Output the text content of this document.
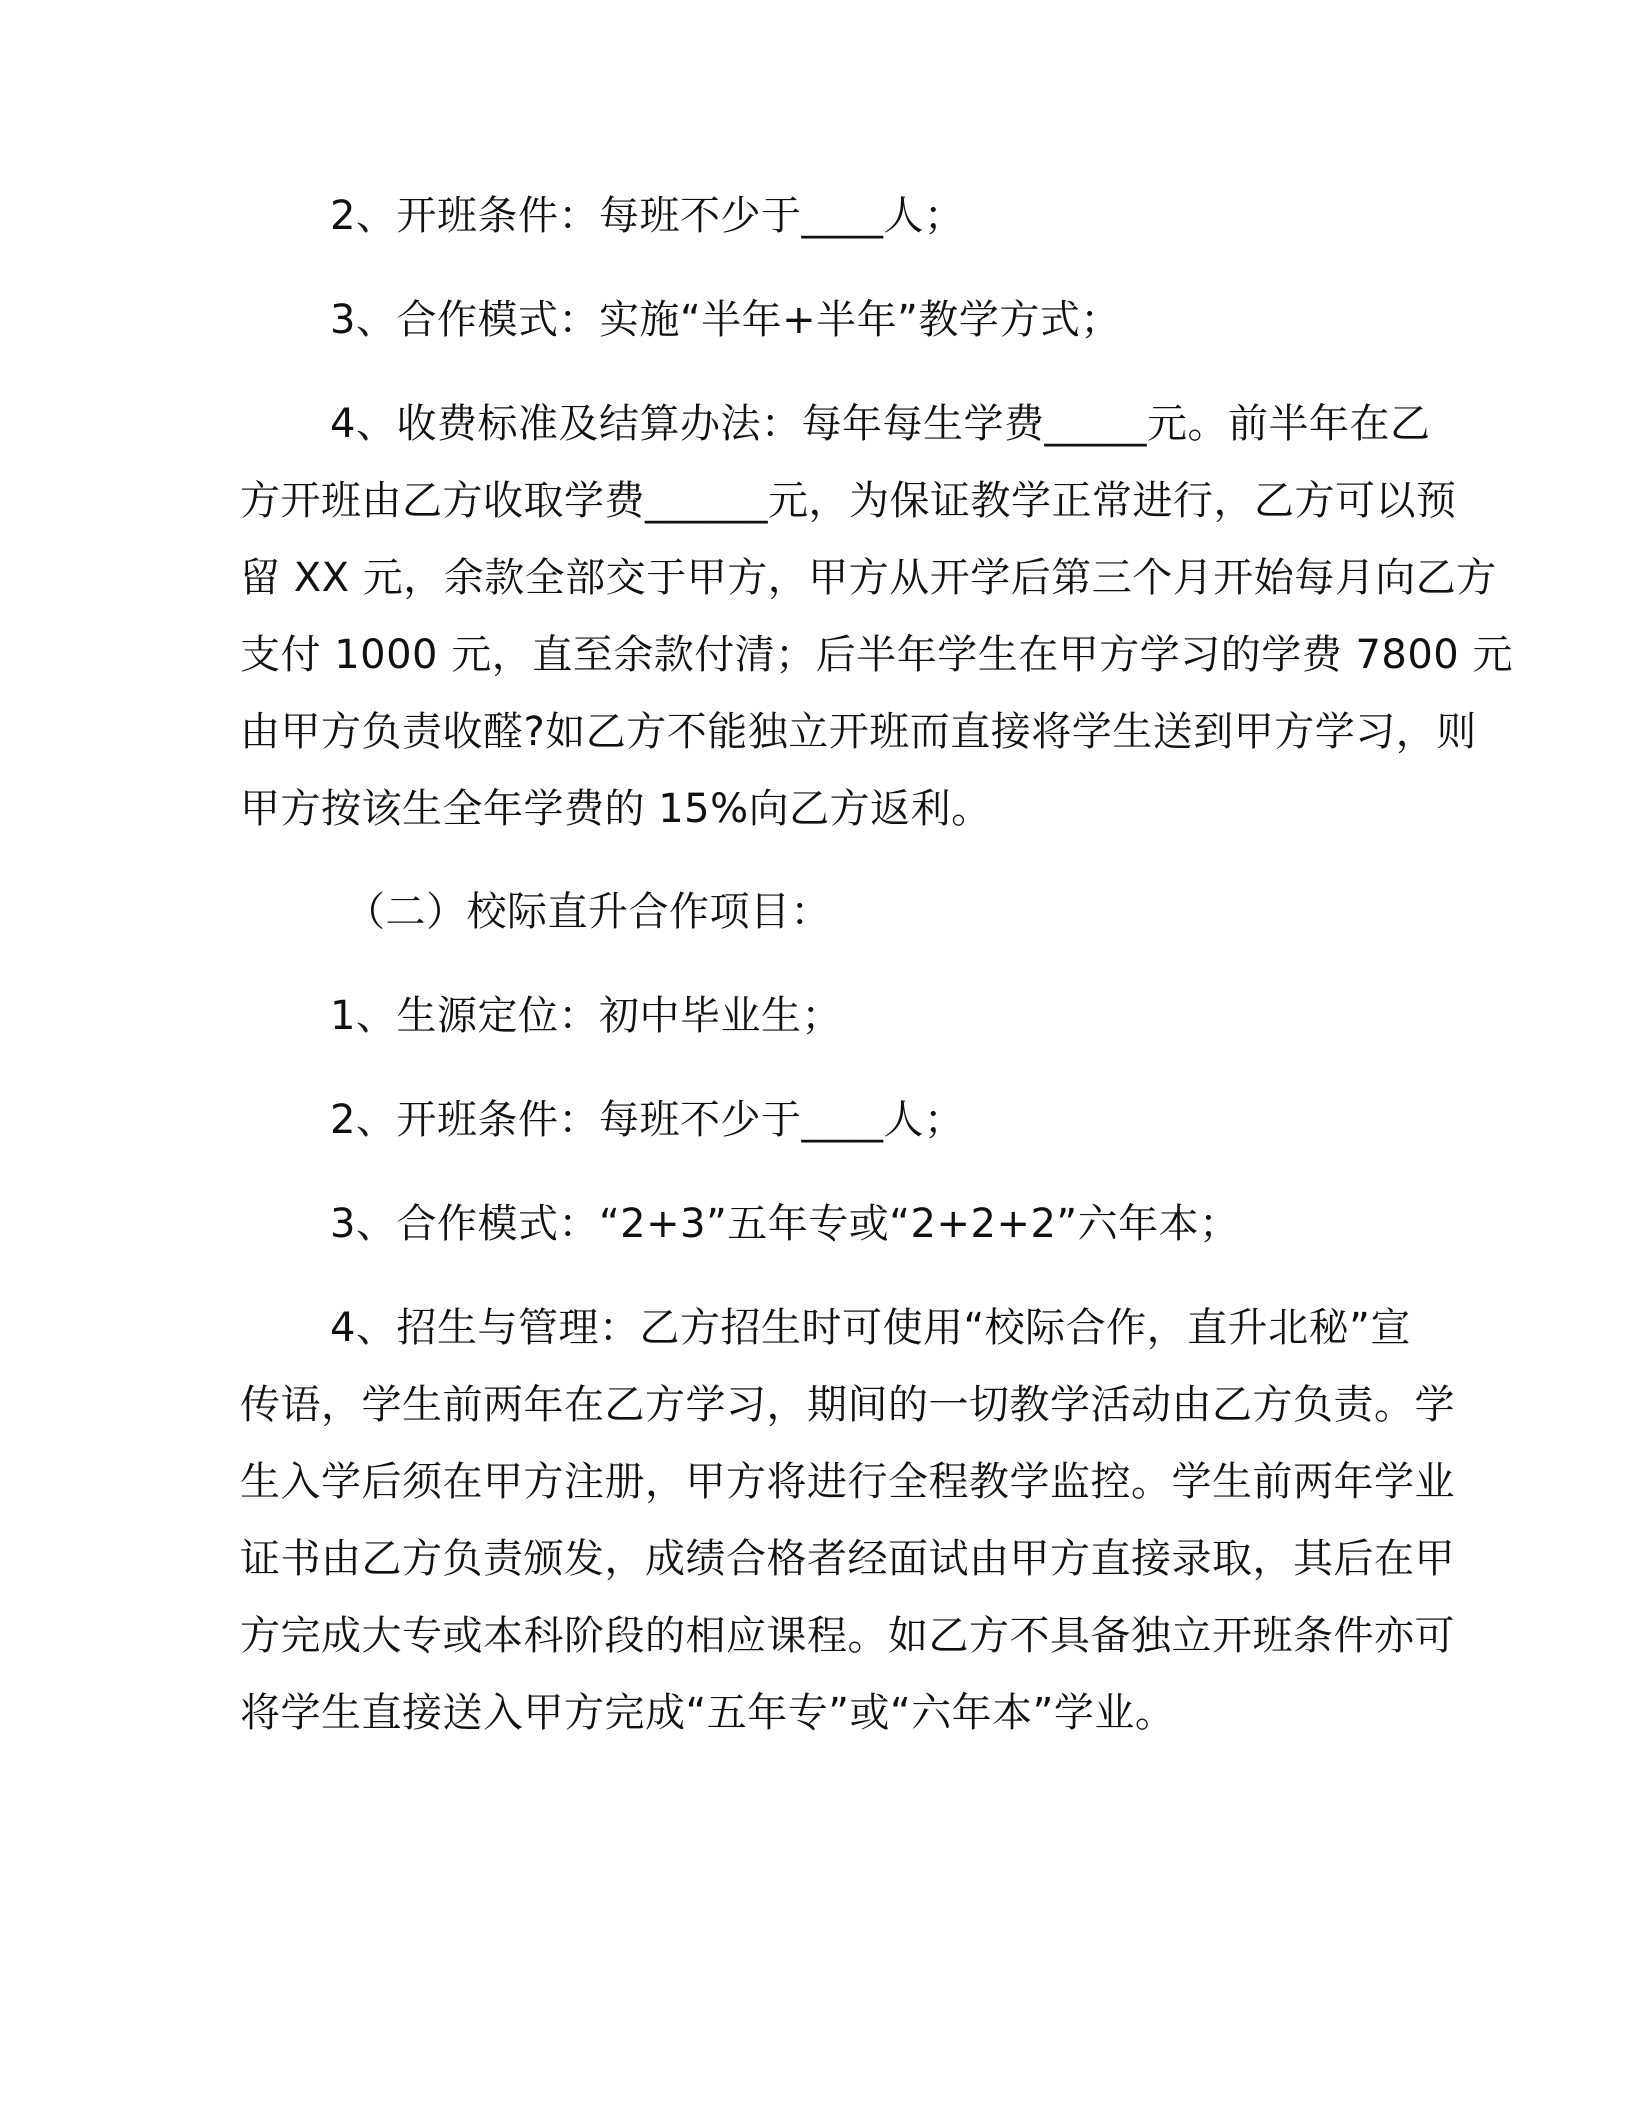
2、开班条件：每班不少于____人；
3、合作模式：实施“半年+半年”教学方式；
4、收费标准及结算办法：每年每生学费_____元。前半年在乙
方开班由乙方收取学费______元，为保证教学正常进行，乙方可以预
留 XX 元，余款全部交于甲方，甲方从开学后第三个月开始每月向乙方
支付 1000 元，直至余款付清；后半年学生在甲方学习的学费 7800 元
由甲方负责收醛?如乙方不能独立开班而直接将学生送到甲方学习，则
甲方按该生全年学费的 15%向乙方返利。
（二）校际直升合作项目：
1、生源定位：初中毕业生；
2、开班条件：每班不少于____人；
3、合作模式：“2+3”五年专或“2+2+2”六年本；
4、招生与管理：乙方招生时可使用“校际合作，直升北秘”宣
传语，学生前两年在乙方学习，期间的一切教学活动由乙方负责。学
生入学后须在甲方注册，甲方将进行全程教学监控。学生前两年学业
证书由乙方负责颁发，成绩合格者经面试由甲方直接录取，其后在甲
方完成大专或本科阶段的相应课程。如乙方不具备独立开班条件亦可
将学生直接送入甲方完成“五年专”或“六年本”学业。
